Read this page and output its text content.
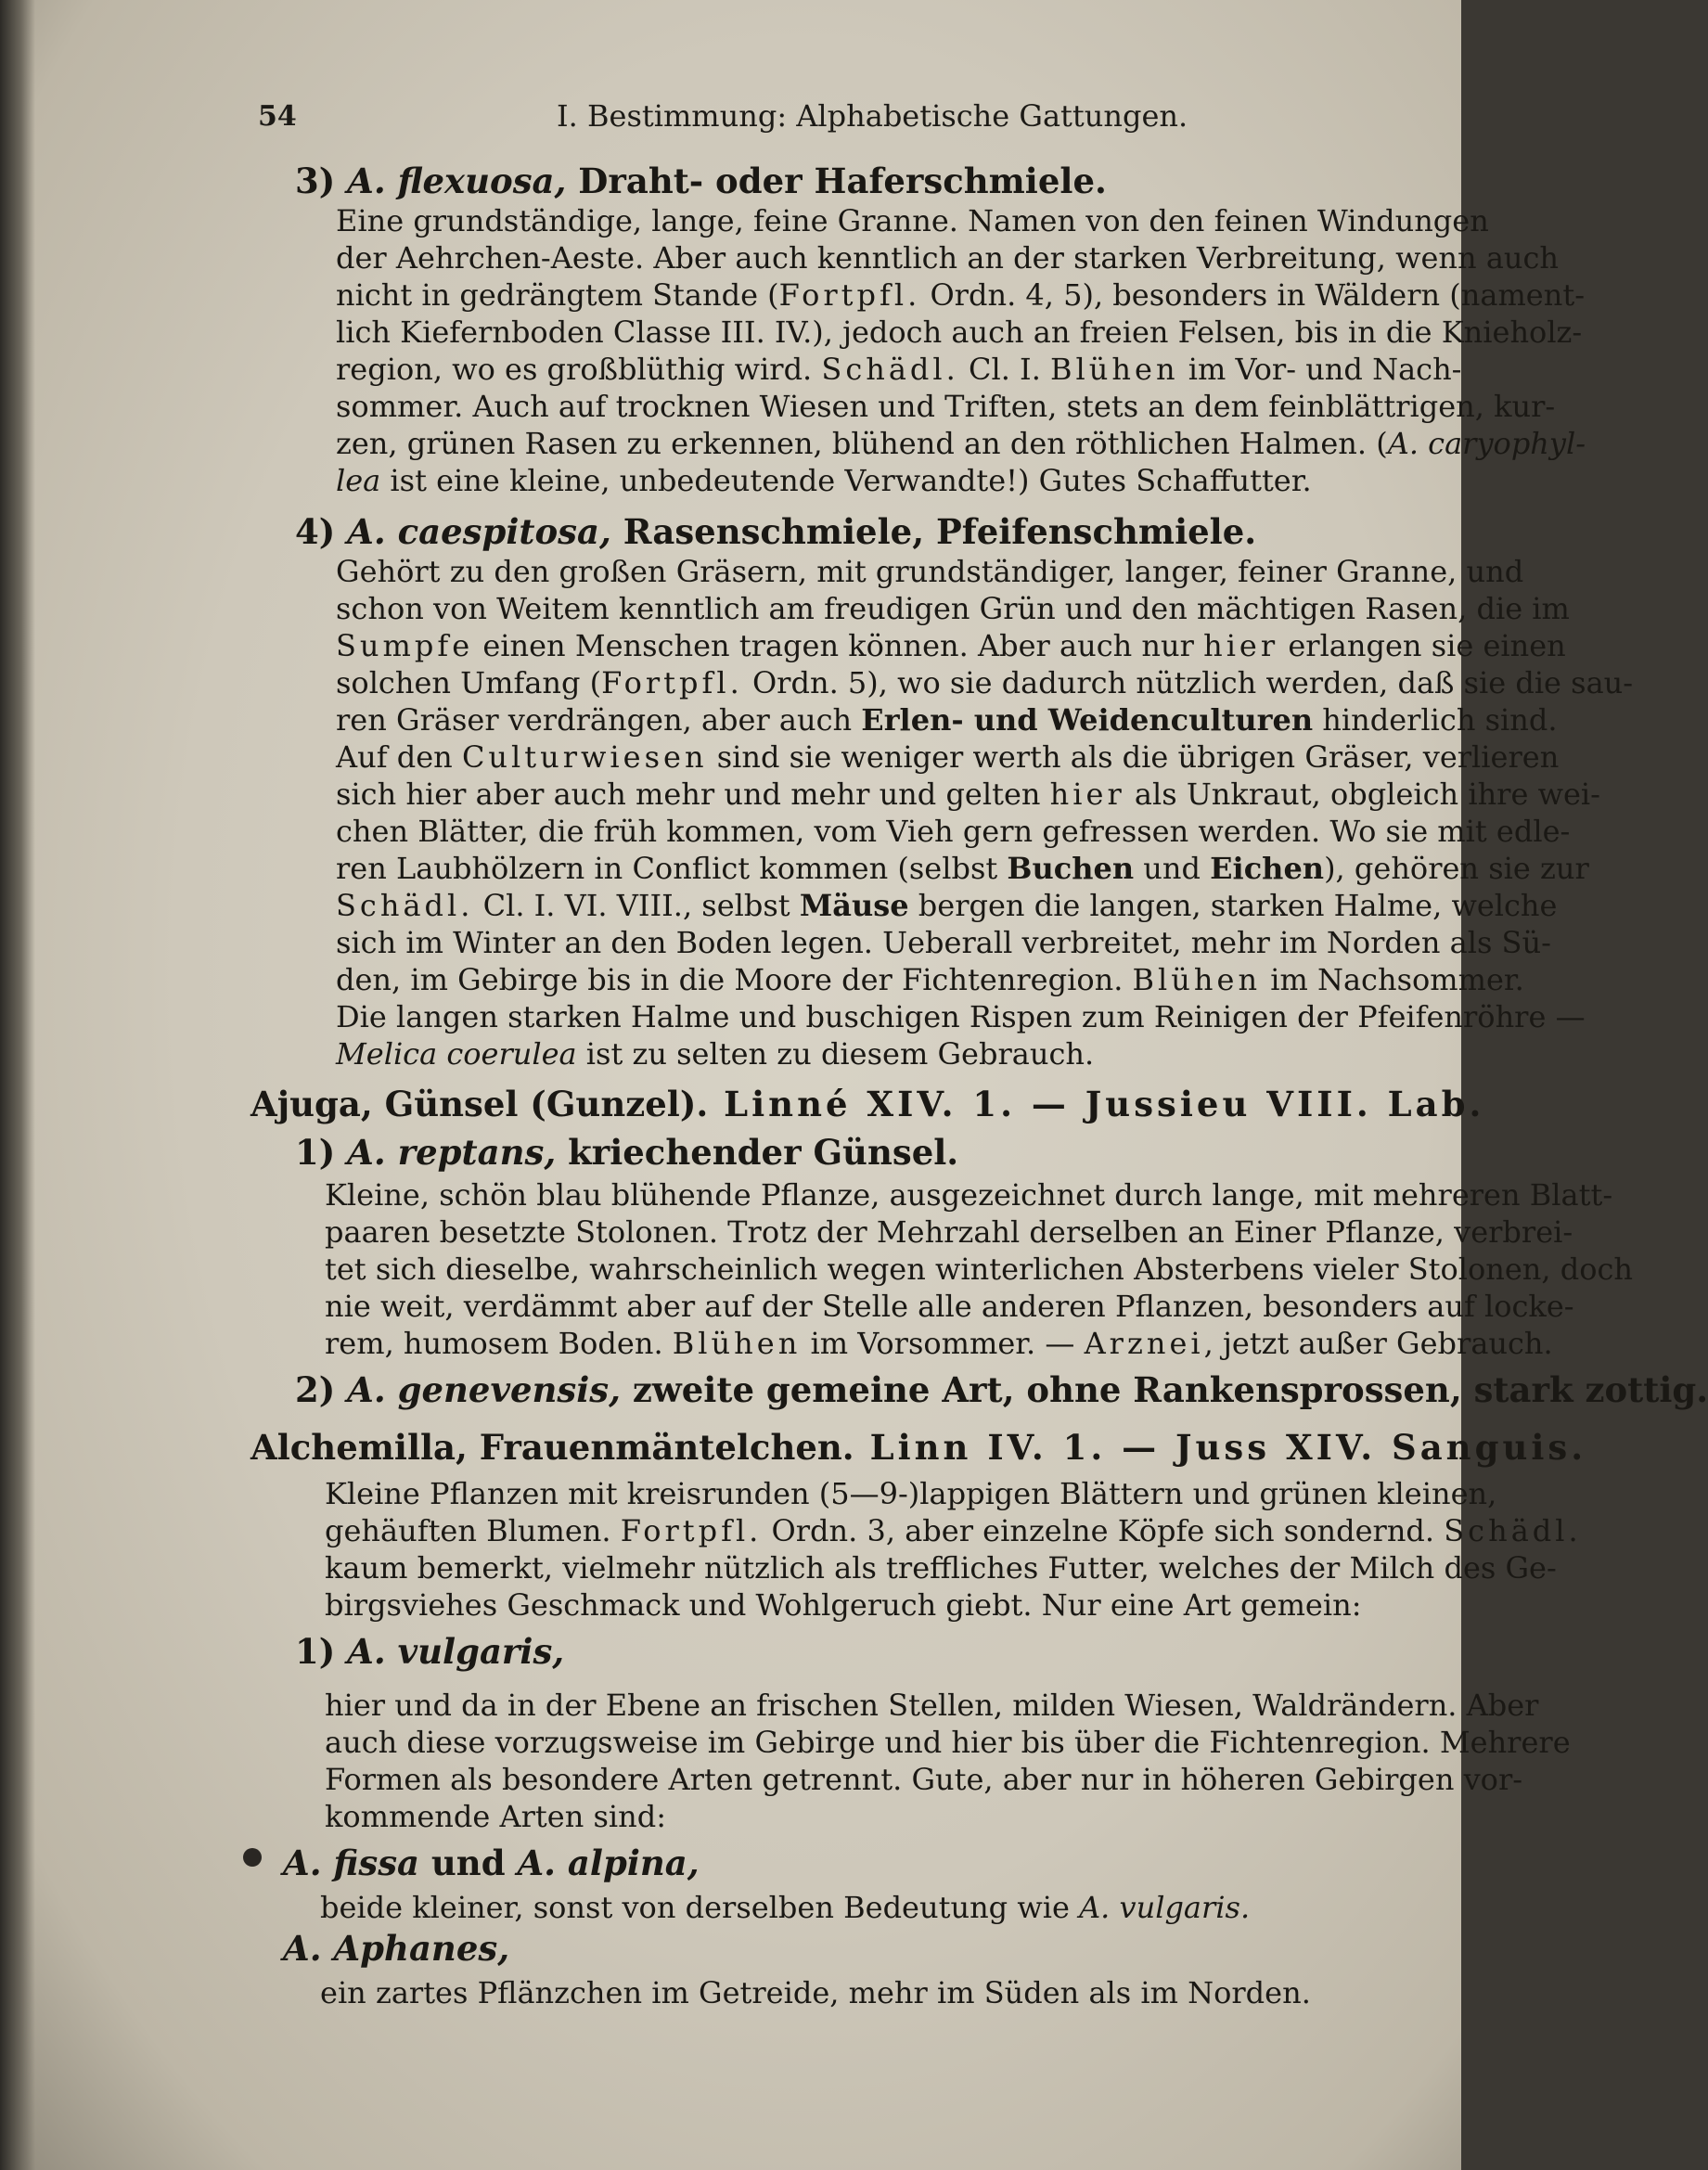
54	I. Bestimmung: Alphabetische Gattungen.
3) A. flexuosa, Draht- oder Haferschmiele.
Eine grundständige, lange, feine Granne. Namen von den feinen Windungen
der Aehrchen-Aeste. Aber auch kenntlich an der starken Verbreitung, wenn auch
nicht in gedrängtem Stande (Fortpfl. Ordn. 4, 5), besonders in Wäldern (nament-
lich Kiefernboden Classe III. IV.), jedoch auch an freien Felsen, bis in die Knieholz-
region, wo es großblüthig wird. Schädl. Cl. I. Blühen im Vor- und Nach-
sommer. Auch auf trocknen Wiesen und Triften, stets an dem feinblättrigen, kur-
zen, grünen Rasen zu erkennen, blühend an den röthlichen Halmen. (A. caryophyl-
lea ist eine kleine, unbedeutende Verwandte!) Gutes Schaffutter.
4) A. caespitosa, Rasenschmiele, Pfeifenschmiele.
Gehört zu den großen Gräsern, mit grundständiger, langer, feiner Granne, und
schon von Weitem kenntlich am freudigen Grün und den mächtigen Rasen, die im
Sumpfe einen Menschen tragen können. Aber auch nur hier erlangen sie einen
solchen Umfang (Fortpfl. Ordn. 5), wo sie dadurch nützlich werden, daß sie die sau-
ren Gräser verdrängen, aber auch Erlen- und Weidenculturen hinderlich sind.
Auf den Culturwiesen sind sie weniger werth als die übrigen Gräser, verlieren
sich hier aber auch mehr und mehr und gelten hier als Unkraut, obgleich ihre wei-
chen Blätter, die früh kommen, vom Vieh gern gefressen werden. Wo sie mit edle-
ren Laubhölzern in Conflict kommen (selbst Buchen und Eichen), gehören sie zur
Schädl. Cl. I. VI. VIII., selbst Mäuse bergen die langen, starken Halme, welche
sich im Winter an den Boden legen. Ueberall verbreitet, mehr im Norden als Sü-
den, im Gebirge bis in die Moore der Fichtenregion. Blühen im Nachsommer.
Die langen starken Halme und buschigen Rispen zum Reinigen der Pfeifenröhre —
Melica coerulea ist zu selten zu diesem Gebrauch.
Ajuga, Günsel (Gunzel). Linné XIV. 1. — Jussieu VIII. Lab.
1) A. reptans, kriechender Günsel.
Kleine, schön blau blühende Pflanze, ausgezeichnet durch lange, mit mehreren Blatt-
paaren besetzte Stolonen. Trotz der Mehrzahl derselben an Einer Pflanze, verbrei-
tet sich dieselbe, wahrscheinlich wegen winterlichen Absterbens vieler Stolonen, doch
nie weit, verdämmt aber auf der Stelle alle anderen Pflanzen, besonders auf locke-
rem, humosem Boden. Blühen im Vorsommer. — Arznei, jetzt außer Gebrauch.
2) A. genevensis, zweite gemeine Art, ohne Rankensprossen, stark zottig.
Alchemilla, Frauenmäntelchen. Linn IV. 1. — Juss XIV. Sanguis.
Kleine Pflanzen mit kreisrunden (5—9-)lappigen Blättern und grünen kleinen,
gehäuften Blumen. Fortpfl. Ordn. 3, aber einzelne Köpfe sich sondernd. Schädl.
kaum bemerkt, vielmehr nützlich als treffliches Futter, welches der Milch des Ge-
birgsviehes Geschmack und Wohlgeruch giebt. Nur eine Art gemein:
1) A. vulgaris,
hier und da in der Ebene an frischen Stellen, milden Wiesen, Waldrändern. Aber
auch diese vorzugsweise im Gebirge und hier bis über die Fichtenregion. Mehrere
Formen als besondere Arten getrennt. Gute, aber nur in höheren Gebirgen vor-
kommende Arten sind:
A. fissa und A. alpina,
beide kleiner, sonst von derselben Bedeutung wie A. vulgaris.
A. Aphanes,
ein zartes Pflänzchen im Getreide, mehr im Süden als im Norden.
